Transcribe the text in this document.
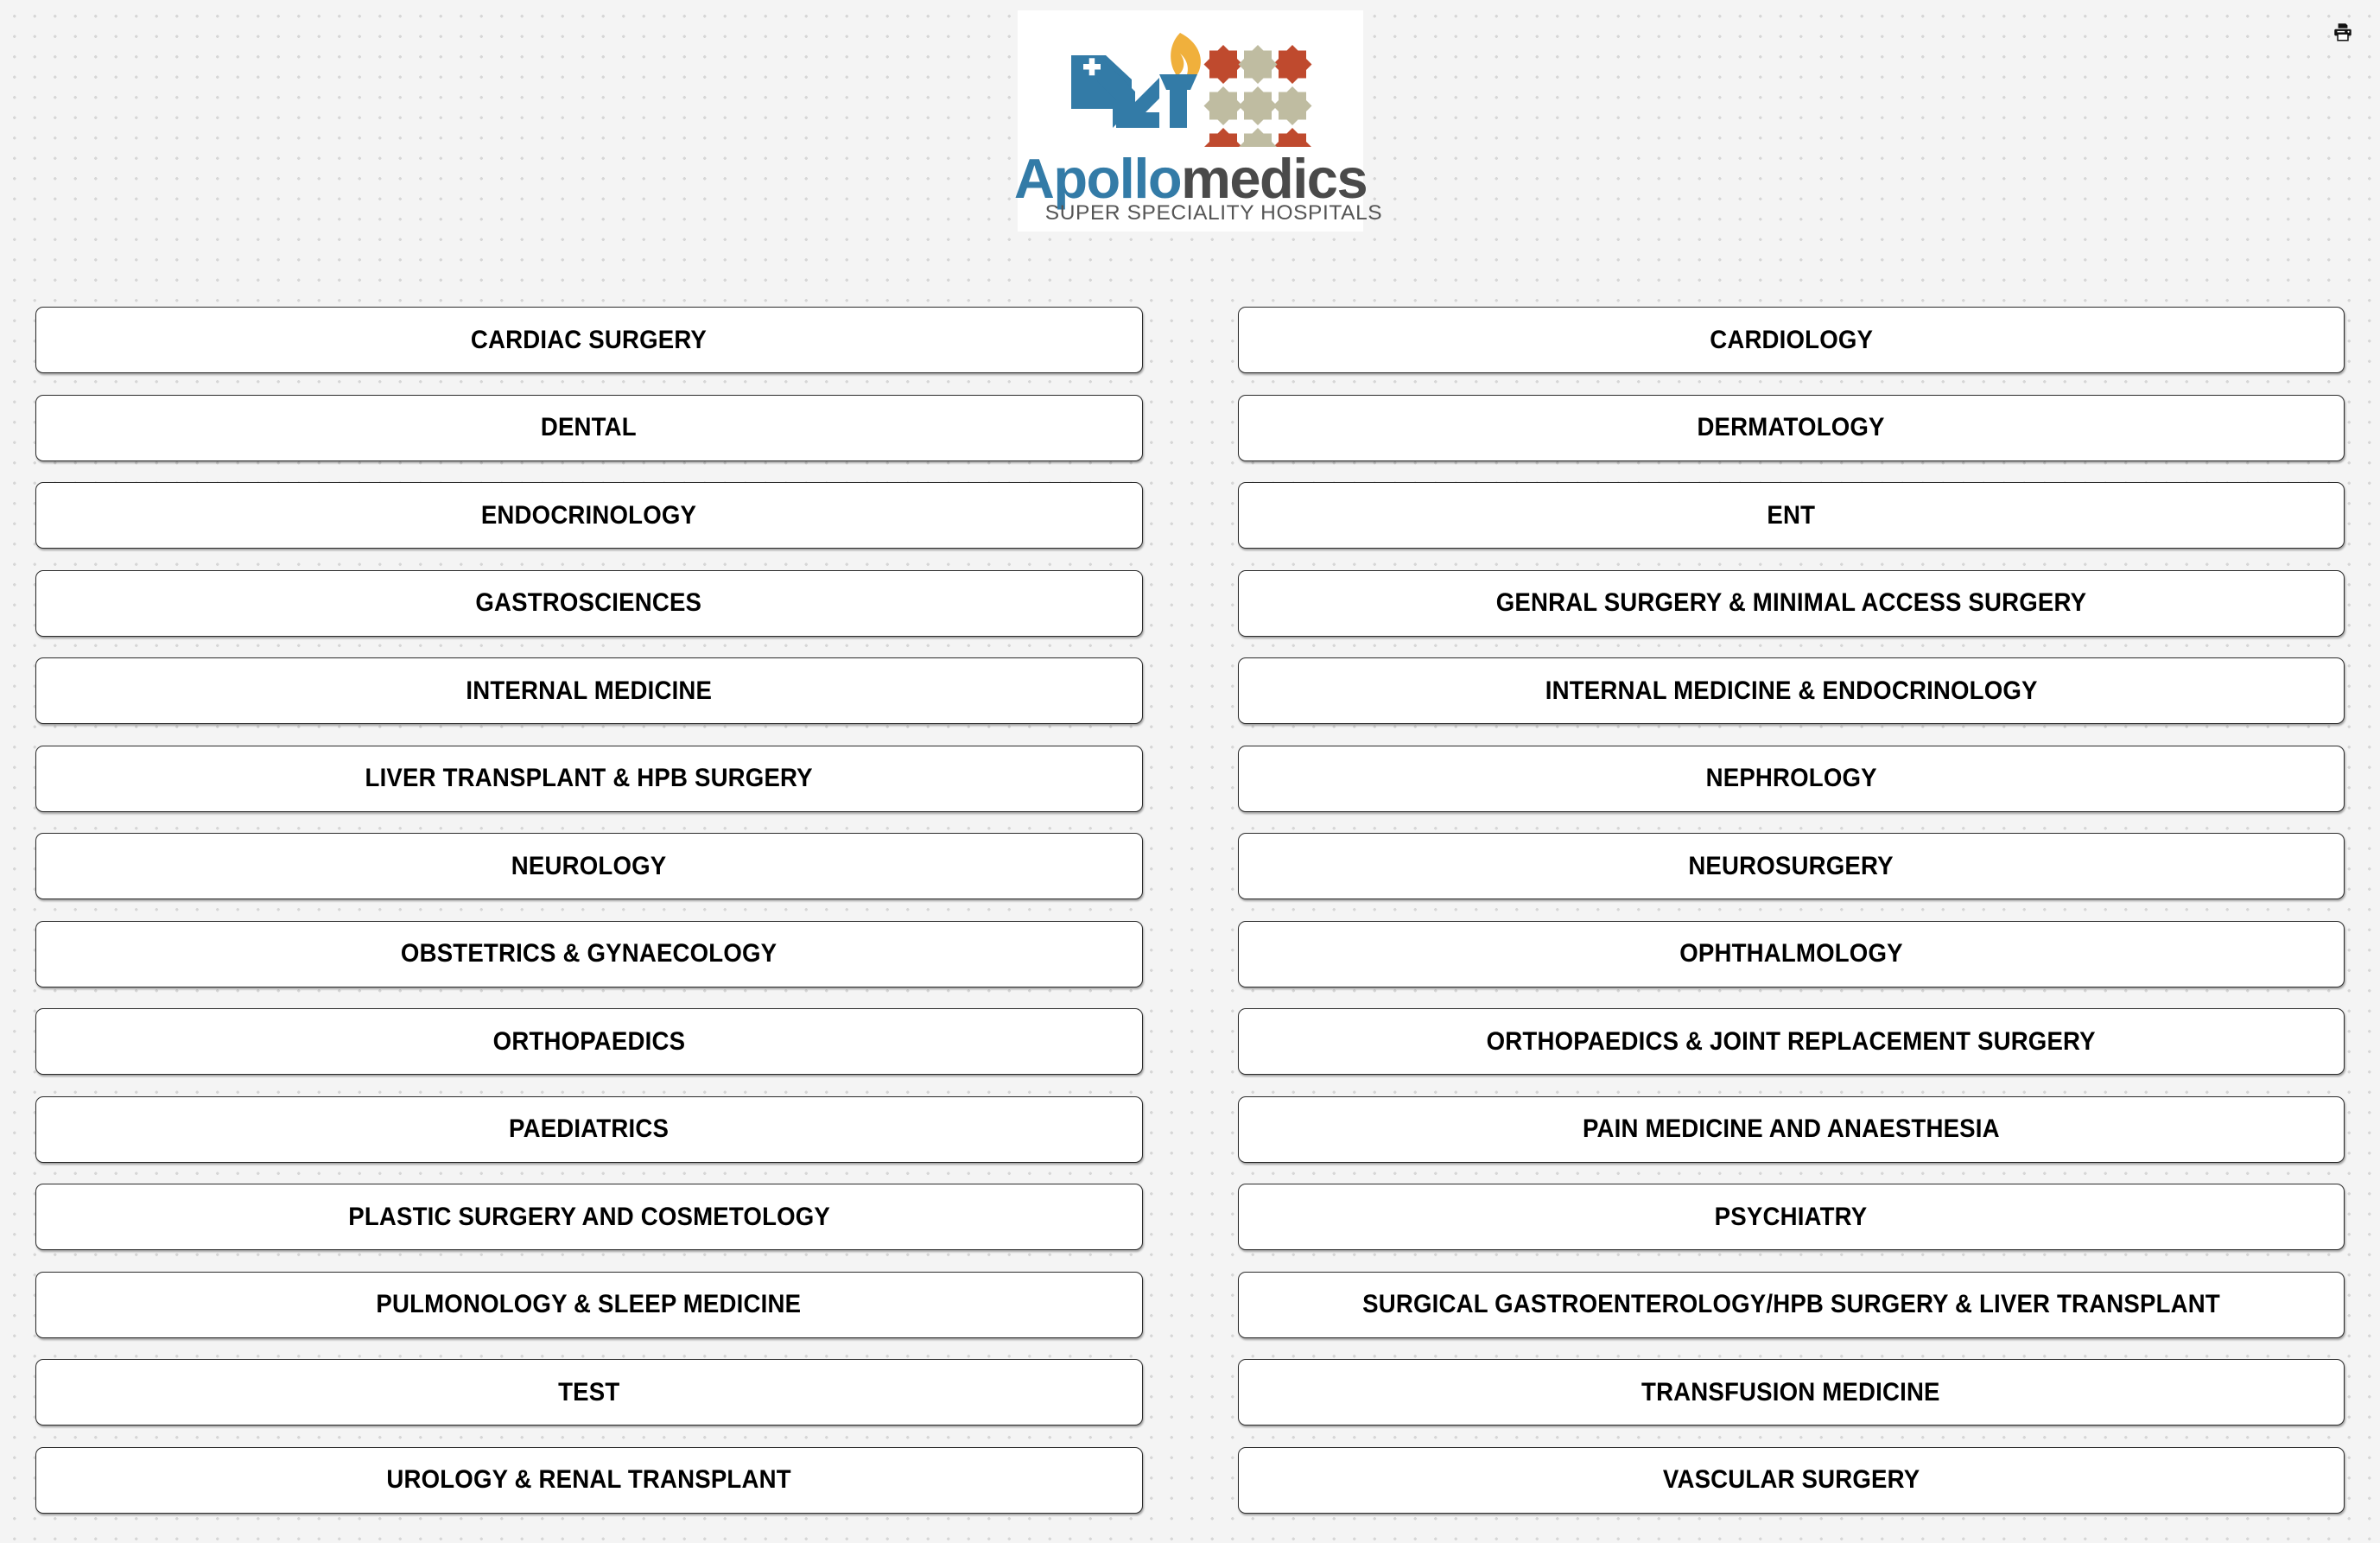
Apollomedics
SUPER SPECIALITY HOSPITALS
CARDIAC SURGERY
DENTAL
ENDOCRINOLOGY
GASTROSCIENCES
INTERNAL MEDICINE
LIVER TRANSPLANT & HPB SURGERY
NEUROLOGY
OBSTETRICS & GYNAECOLOGY
ORTHOPAEDICS
PAEDIATRICS
PLASTIC SURGERY AND COSMETOLOGY
PULMONOLOGY & SLEEP MEDICINE
TEST
UROLOGY & RENAL TRANSPLANT
CARDIOLOGY
DERMATOLOGY
ENT
GENRAL SURGERY & MINIMAL ACCESS SURGERY
INTERNAL MEDICINE & ENDOCRINOLOGY
NEPHROLOGY
NEUROSURGERY
OPHTHALMOLOGY
ORTHOPAEDICS & JOINT REPLACEMENT SURGERY
PAIN MEDICINE AND ANAESTHESIA
PSYCHIATRY
SURGICAL GASTROENTEROLOGY/HPB SURGERY & LIVER TRANSPLANT
TRANSFUSION MEDICINE
VASCULAR SURGERY
